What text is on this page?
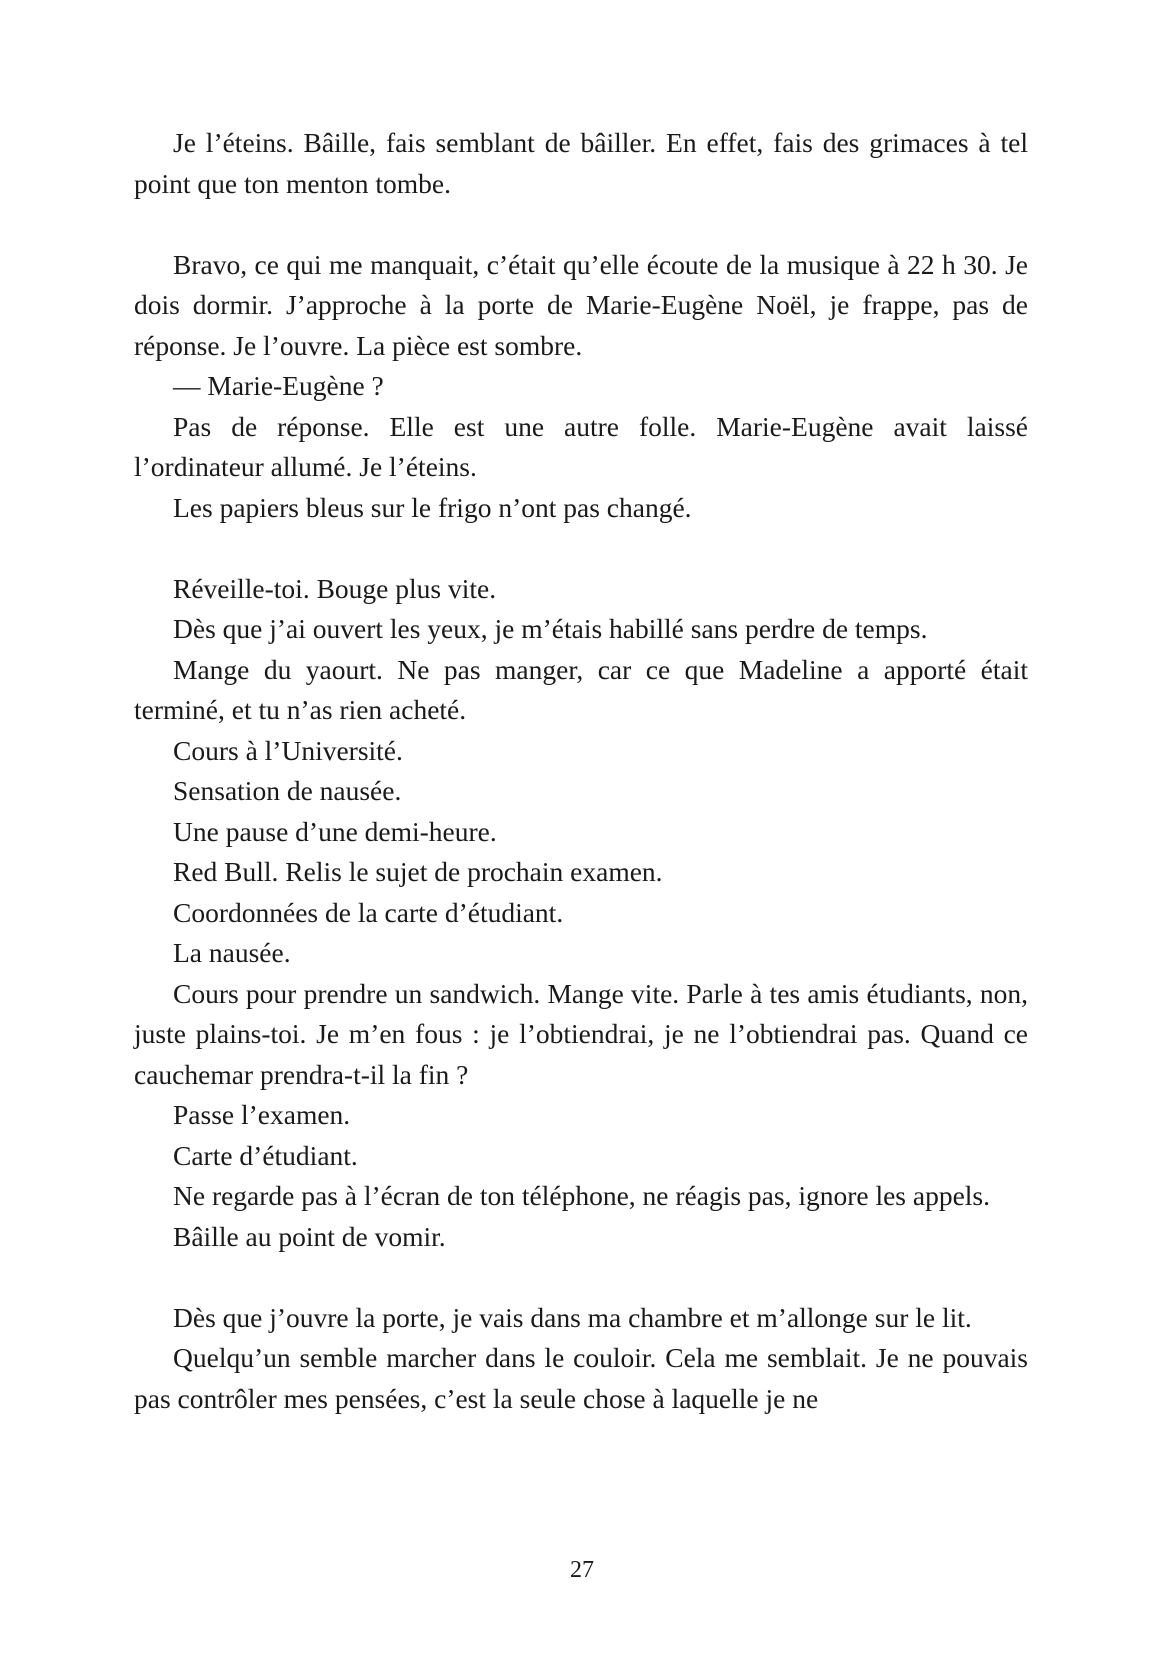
Je l’éteins. Bâille, fais semblant de bâiller. En effet, fais des grimaces à tel point que ton menton tombe.

Bravo, ce qui me manquait, c’était qu’elle écoute de la musique à 22 h 30. Je dois dormir. J’approche à la porte de Marie-Eugène Noël, je frappe, pas de réponse. Je l’ouvre. La pièce est sombre.

— Marie-Eugène ?

Pas de réponse. Elle est une autre folle. Marie-Eugène avait laissé l’ordinateur allumé. Je l’éteins.

Les papiers bleus sur le frigo n’ont pas changé.

Réveille-toi. Bouge plus vite.

Dès que j’ai ouvert les yeux, je m’étais habillé sans perdre de temps.

Mange du yaourt. Ne pas manger, car ce que Madeline a apporté était terminé, et tu n’as rien acheté.

Cours à l’Université.

Sensation de nausée.

Une pause d’une demi-heure.

Red Bull. Relis le sujet de prochain examen.

Coordonnées de la carte d’étudiant.

La nausée.

Cours pour prendre un sandwich. Mange vite. Parle à tes amis étudiants, non, juste plains-toi. Je m’en fous : je l’obtiendrai, je ne l’obtiendrai pas. Quand ce cauchemar prendra-t-il la fin ?

Passe l’examen.

Carte d’étudiant.

Ne regarde pas à l’écran de ton téléphone, ne réagis pas, ignore les appels.

Bâille au point de vomir.

Dès que j’ouvre la porte, je vais dans ma chambre et m’allonge sur le lit.

Quelqu’un semble marcher dans le couloir. Cela me semblait. Je ne pouvais pas contrôler mes pensées, c’est la seule chose à laquelle je ne

27
